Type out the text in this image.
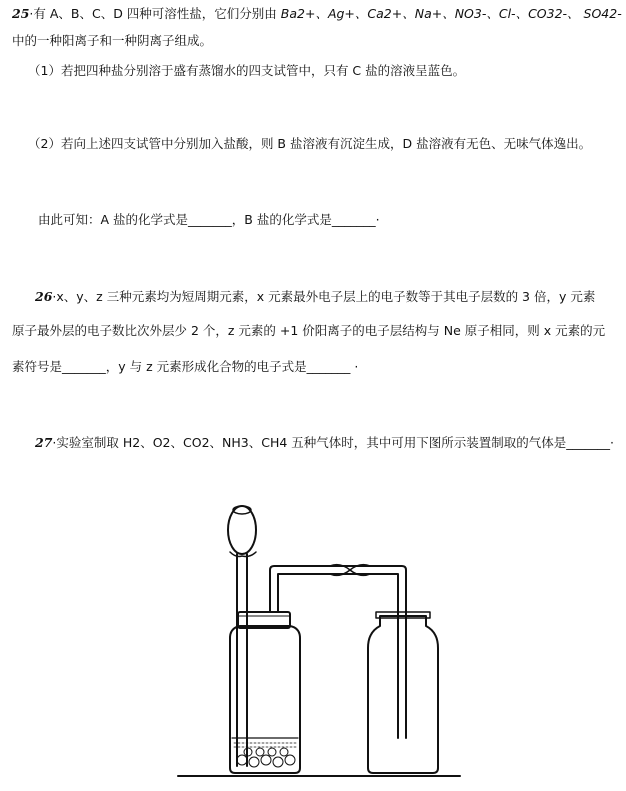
25·有 A、B、C、D 四种可溶性盐，它们分别由 Ba2+、Ag+、Ca2+、Na+、NO3-、Cl-、CO32-、 SO42-
中的一种阳离子和一种阴离子组成。
（1）若把四种盐分别溶于盛有蒸馏水的四支试管中，只有 C 盐的溶液呈蓝色。
（2）若向上述四支试管中分别加入盐酸，则 B 盐溶液有沉淀生成，D 盐溶液有无色、无味气体逸出。
由此可知：A 盐的化学式是_______，B 盐的化学式是_______·
26·x、y、z 三种元素均为短周期元素，x 元素最外电子层上的电子数等于其电子层数的 3 倍，y 元素
原子最外层的电子数比次外层少 2 个，z 元素的 +1 价阳离子的电子层结构与 Ne 原子相同，则 x 元素的元
素符号是_______，y 与 z 元素形成化合物的电子式是_______ ·
27·实验室制取 H2、O2、CO2、NH3、CH4 五种气体时，其中可用下图所示装置制取的气体是_______·
